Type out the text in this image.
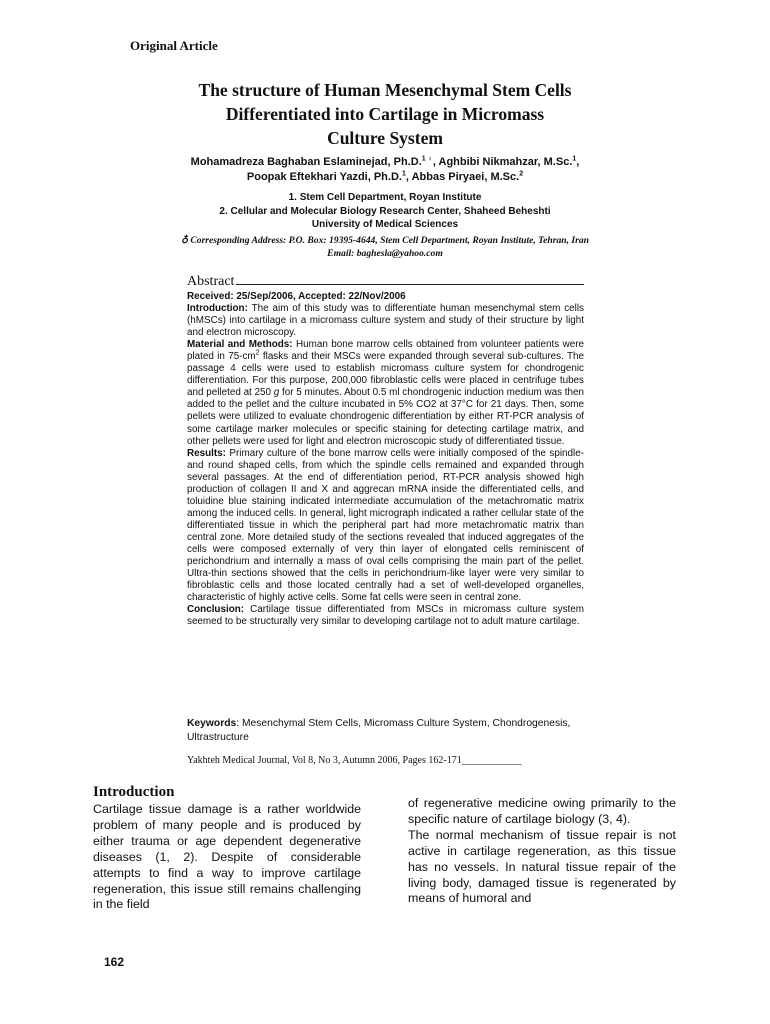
Original Article
The structure of Human Mesenchymal Stem Cells
Differentiated into Cartilage in Micromass
Culture System
Mohamadreza Baghaban Eslaminejad, Ph.D.$^{1 ♁}$, Aghbibi Nikmahzar, M.Sc.$^1$,
Poopak Eftekhari Yazdi, Ph.D.$^1$, Abbas Piryaei, M.Sc.$^2$
1. Stem Cell Department, Royan Institute
2. Cellular and Molecular Biology Research Center, Shaheed Beheshti
University of Medical Sciences
♁ Corresponding Address: P.O. Box: 19395-4644, Stem Cell Department, Royan Institute, Tehran, Iran
Email: baghesla@yahoo.com
Abstract

Received: 25/Sep/2006, Accepted: 22/Nov/2006

Introduction: The aim of this study was to differentiate human mesenchymal stem cells (hMSCs) into cartilage in a micromass culture system and study of their structure by light and electron microscopy.

Material and Methods: Human bone marrow cells obtained from volunteer patients were plated in $75-cm^2$ flasks and their MSCs were expanded through several sub-cultures. The passage 4 cells were used to establish micromass culture system for chondrogenic differentiation. For this purpose, 200,000 fibroblastic cells were placed in centrifuge tubes and pelleted at 250 g for 5 minutes. About 0.5 ml chondrogenic induction medium was then added to the pellet and the culture incubated in 5% CO2 at 37°C for 21 days. Then, some pellets were utilized to evaluate chondrogenic differentiation by either RT-PCR analysis of some cartilage marker molecules or specific staining for detecting cartilage matrix, and other pellets were used for light and electron microscopic study of differentiated tissue.

Results: Primary culture of the bone marrow cells were initially composed of the spindle- and round shaped cells, from which the spindle cells remained and expanded through several passages. At the end of differentiation period, RT-PCR analysis showed high production of collagen II and X and aggrecan mRNA inside the differentiated cells, and toluidine blue staining indicated intermediate accumulation of the metachromatic matrix among the induced cells. In general, light micrograph indicated a rather cellular state of the differentiated tissue in which the peripheral part had more metachromatic matrix than central zone. More detailed study of the sections revealed that induced aggregates of the cells were composed externally of very thin layer of elongated cells reminiscent of perichondrium and internally a mass of oval cells comprising the main part of the pellet. Ultra-thin sections showed that the cells in perichondrium-like layer were very similar to fibroblastic cells and those located centrally had a set of well-developed organelles, characteristic of highly active cells. Some fat cells were seen in central zone.

Conclusion: Cartilage tissue differentiated from MSCs in micromass culture system seemed to be structurally very similar to developing cartilage not to adult mature cartilage.

Keywords: Mesenchymal Stem Cells, Micromass Culture System, Chondrogenesis, Ultrastructure
Yakhteh Medical Journal, Vol 8, No 3, Autumn 2006, Pages 162-171____________
Introduction

Cartilage tissue damage is a rather worldwide problem of many people and is produced by either trauma or age dependent degenerative diseases (1, 2). Despite of considerable attempts to find a way to improve cartilage regeneration, this issue still remains challenging in the field

of regenerative medicine owing primarily to the specific nature of cartilage biology (3, 4).

The normal mechanism of tissue repair is not active in cartilage regeneration, as this tissue has no vessels. In natural tissue repair of the living body, damaged tissue is regenerated by means of humoral and

162
